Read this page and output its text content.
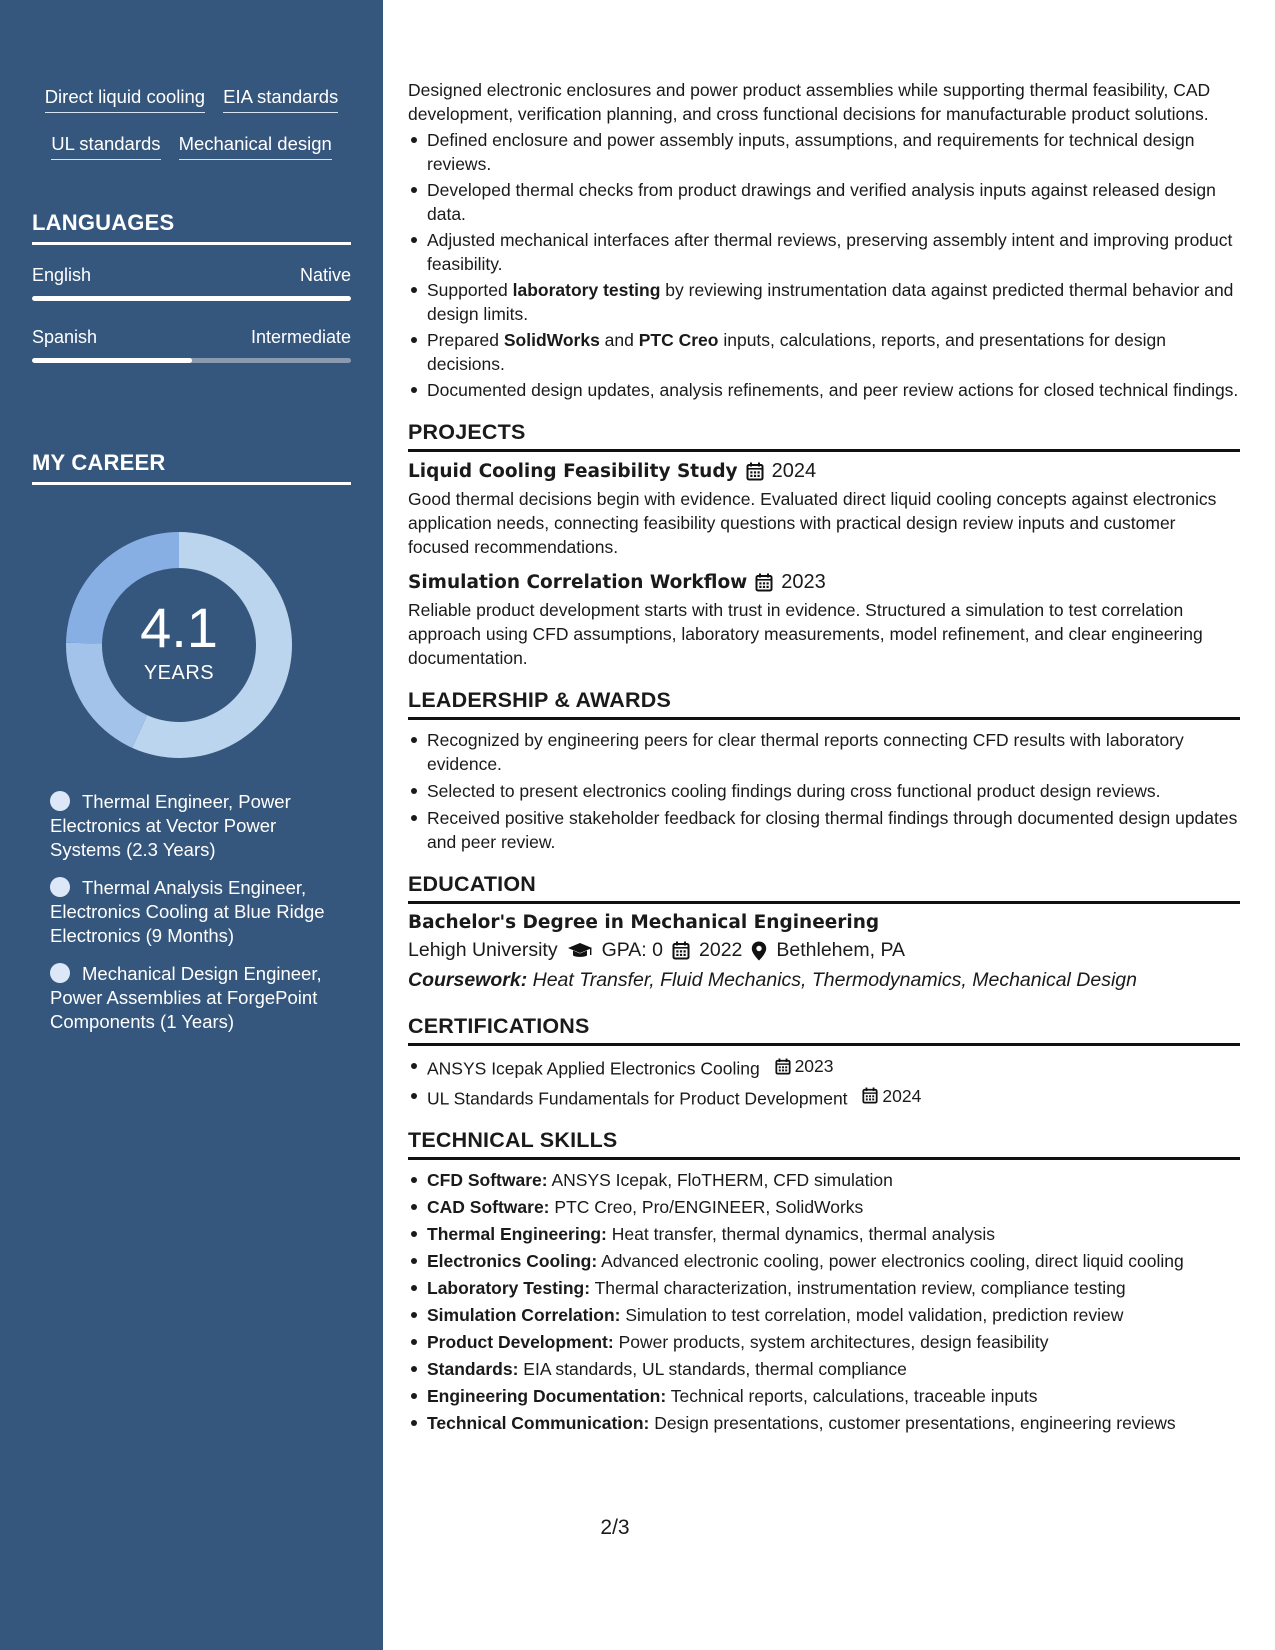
Direct liquid cooling EIA standards
UL standards Mechanical design
LANGUAGES
English	Native
Spanish	Intermediate
MY CAREER
4.1
YEARS
Thermal Engineer, Power Electronics at Vector Power Systems (2.3 Years)
Thermal Analysis Engineer, Electronics Cooling at Blue Ridge Electronics (9 Months)
Mechanical Design Engineer, Power Assemblies at ForgePoint Components (1 Years)

Designed electronic enclosures and power product assemblies while supporting thermal feasibility, CAD development, verification planning, and cross functional decisions for manufacturable product solutions.

Defined enclosure and power assembly inputs, assumptions, and requirements for technical design reviews.
Developed thermal checks from product drawings and verified analysis inputs against released design data.
Adjusted mechanical interfaces after thermal reviews, preserving assembly intent and improving product feasibility.
Supported laboratory testing by reviewing instrumentation data against predicted thermal behavior and design limits.
Prepared SolidWorks and PTC Creo inputs, calculations, reports, and presentations for design decisions.
Documented design updates, analysis refinements, and peer review actions for closed technical findings.
PROJECTS
Liquid Cooling Feasibility Study 2024

Good thermal decisions begin with evidence. Evaluated direct liquid cooling concepts against electronics application needs, connecting feasibility questions with practical design review inputs and customer focused recommendations.

Simulation Correlation Workflow 2023

Reliable product development starts with trust in evidence. Structured a simulation to test correlation approach using CFD assumptions, laboratory measurements, model refinement, and clear engineering documentation.

LEADERSHIP & AWARDS
Recognized by engineering peers for clear thermal reports connecting CFD results with laboratory evidence.
Selected to present electronics cooling findings during cross functional product design reviews.
Received positive stakeholder feedback for closing thermal findings through documented design updates and peer review.
EDUCATION
Bachelor's Degree in Mechanical Engineering
Lehigh University GPA: 0 2022 Bethlehem, PA
Coursework: Heat Transfer, Fluid Mechanics, Thermodynamics, Mechanical Design
CERTIFICATIONS
ANSYS Icepak Applied Electronics Cooling 2023
UL Standards Fundamentals for Product Development 2024
TECHNICAL SKILLS
CFD Software: ANSYS Icepak, FloTHERM, CFD simulation
CAD Software: PTC Creo, Pro/ENGINEER, SolidWorks
Thermal Engineering: Heat transfer, thermal dynamics, thermal analysis
Electronics Cooling: Advanced electronic cooling, power electronics cooling, direct liquid cooling
Laboratory Testing: Thermal characterization, instrumentation review, compliance testing
Simulation Correlation: Simulation to test correlation, model validation, prediction review
Product Development: Power products, system architectures, design feasibility
Standards: EIA standards, UL standards, thermal compliance
Engineering Documentation: Technical reports, calculations, traceable inputs
Technical Communication: Design presentations, customer presentations, engineering reviews
2/3
